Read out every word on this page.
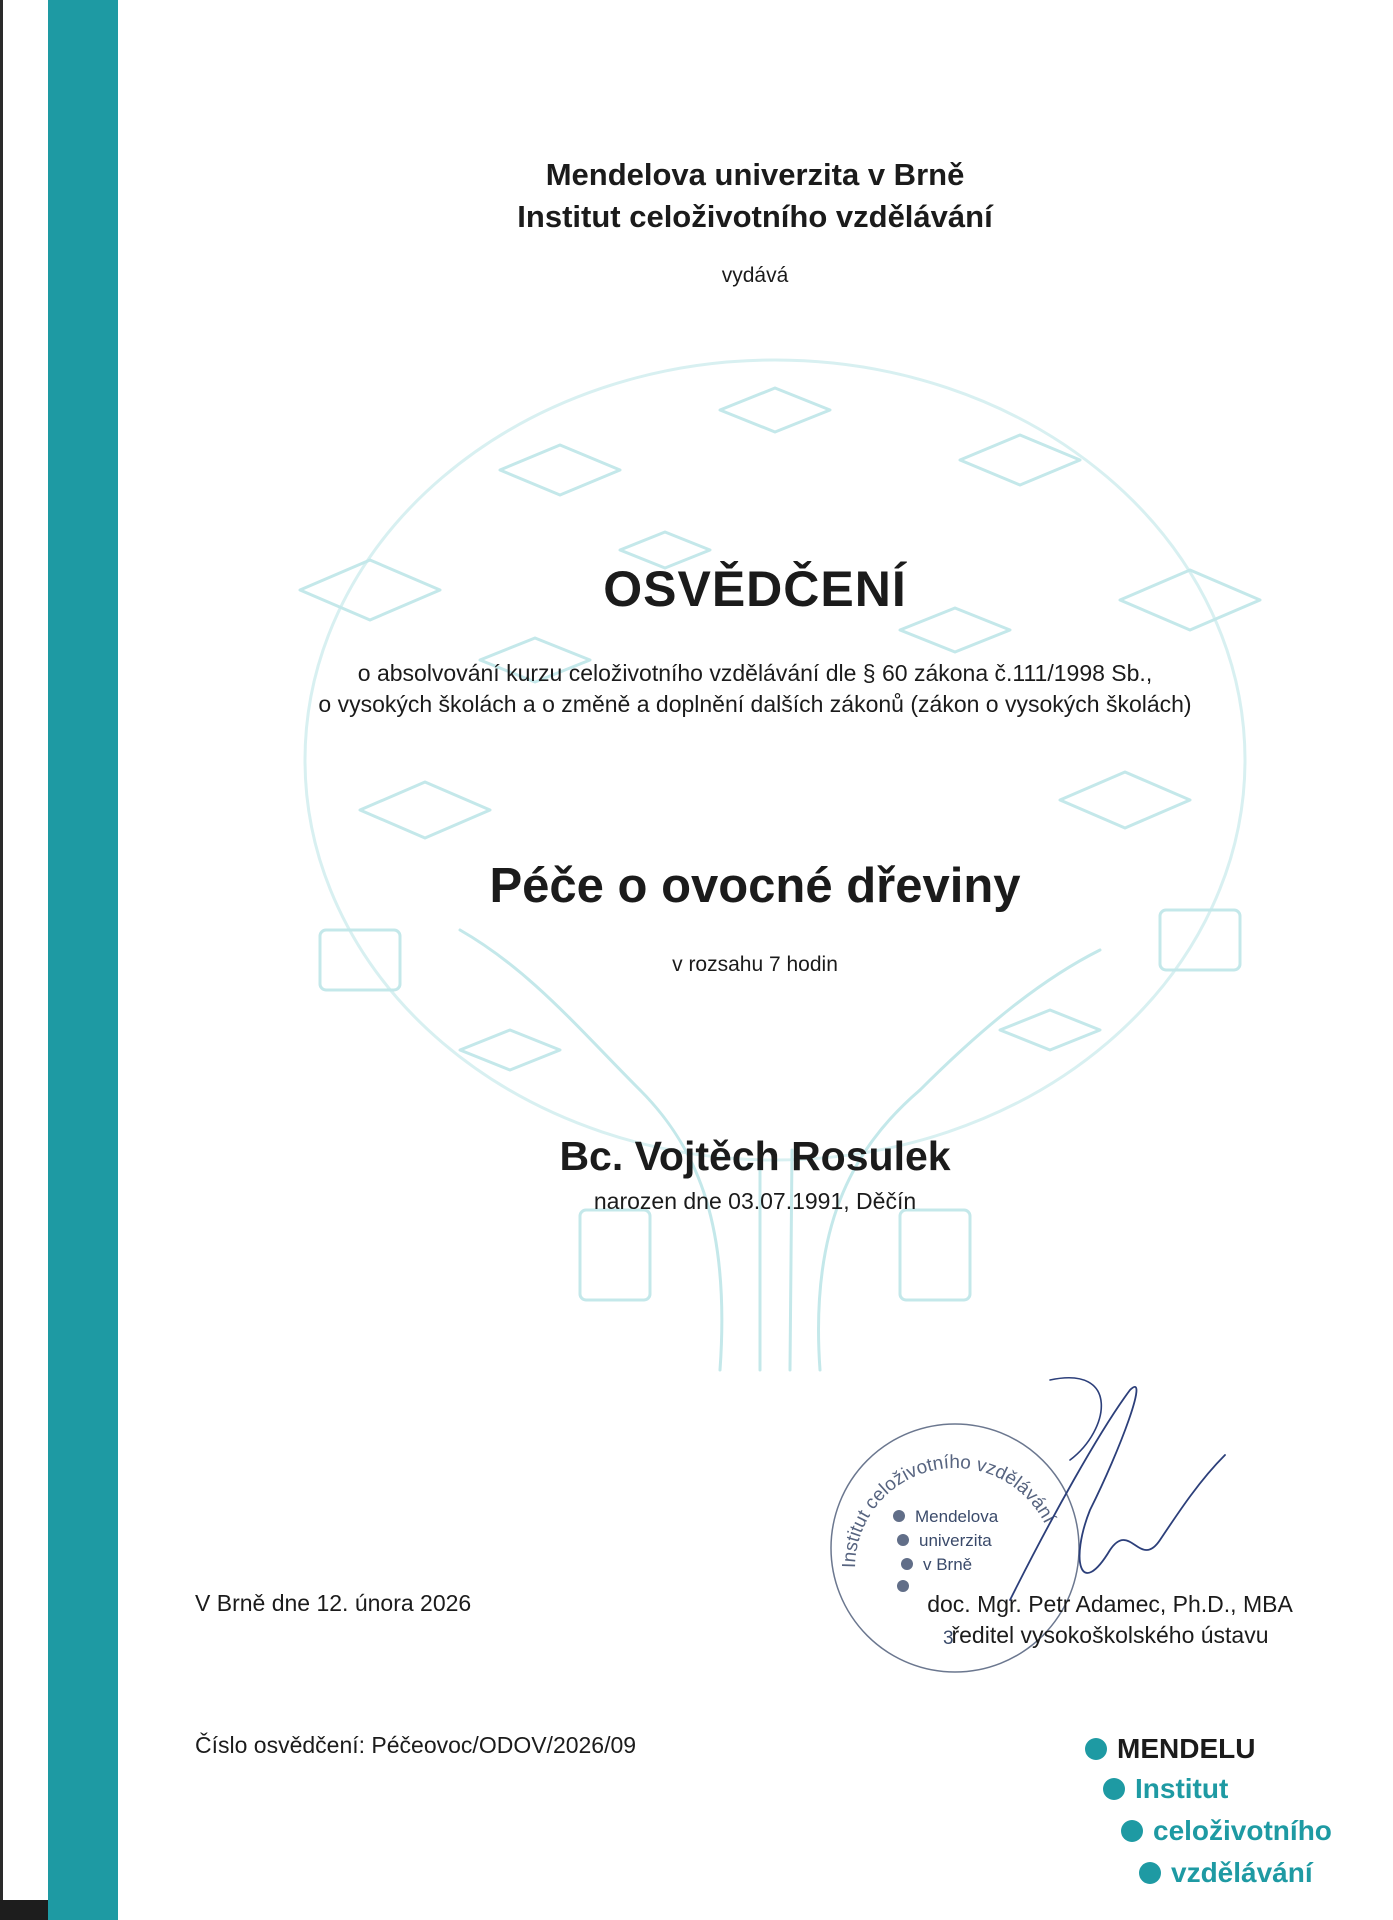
Mendelova univerzita v Brně
Institut celoživotního vzdělávání
vydává
OSVĚDČENÍ
o absolvování kurzu celoživotního vzdělávání dle § 60 zákona č.111/1998 Sb.,
o vysokých školách a o změně a doplnění dalších zákonů (zákon o vysokých školách)
Péče o ovocné dřeviny
v rozsahu 7 hodin
Bc. Vojtěch Rosulek
narozen dne 03.07.1991, Děčín
V Brně dne 12. února 2026
Institut celoživotního vzdělávání
Mendelova
univerzita
v Brně
3
doc. Mgr. Petr Adamec, Ph.D., MBA
ředitel vysokoškolského ústavu
Číslo osvědčení: Péčeovoc/ODOV/2026/09	MENDELU
Institut
celoživotního
vzdělávání
